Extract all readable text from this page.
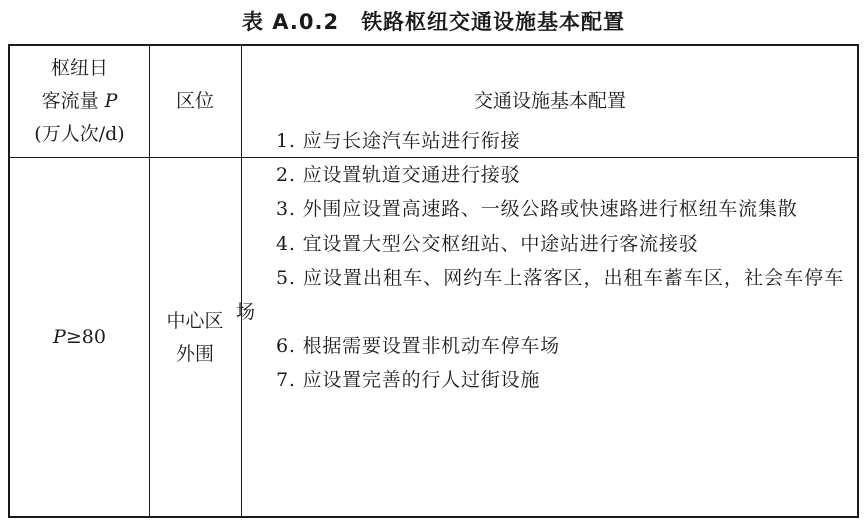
表 A.0.2 铁路枢纽交通设施基本配置
枢纽日
客流量 P
(万人次/d)
区位	交通设施基本配置
P≥80
中心区
外围

1. 应与长途汽车站进行衔接

2. 应设置轨道交通进行接驳

3. 外围应设置高速路、一级公路或快速路进行枢纽车流集散

4. 宜设置大型公交枢纽站、中途站进行客流接驳

5. 应设置出租车、网约车上落客区，出租车蓄车区，社会车停车场

6. 根据需要设置非机动车停车场

7. 应设置完善的行人过街设施
